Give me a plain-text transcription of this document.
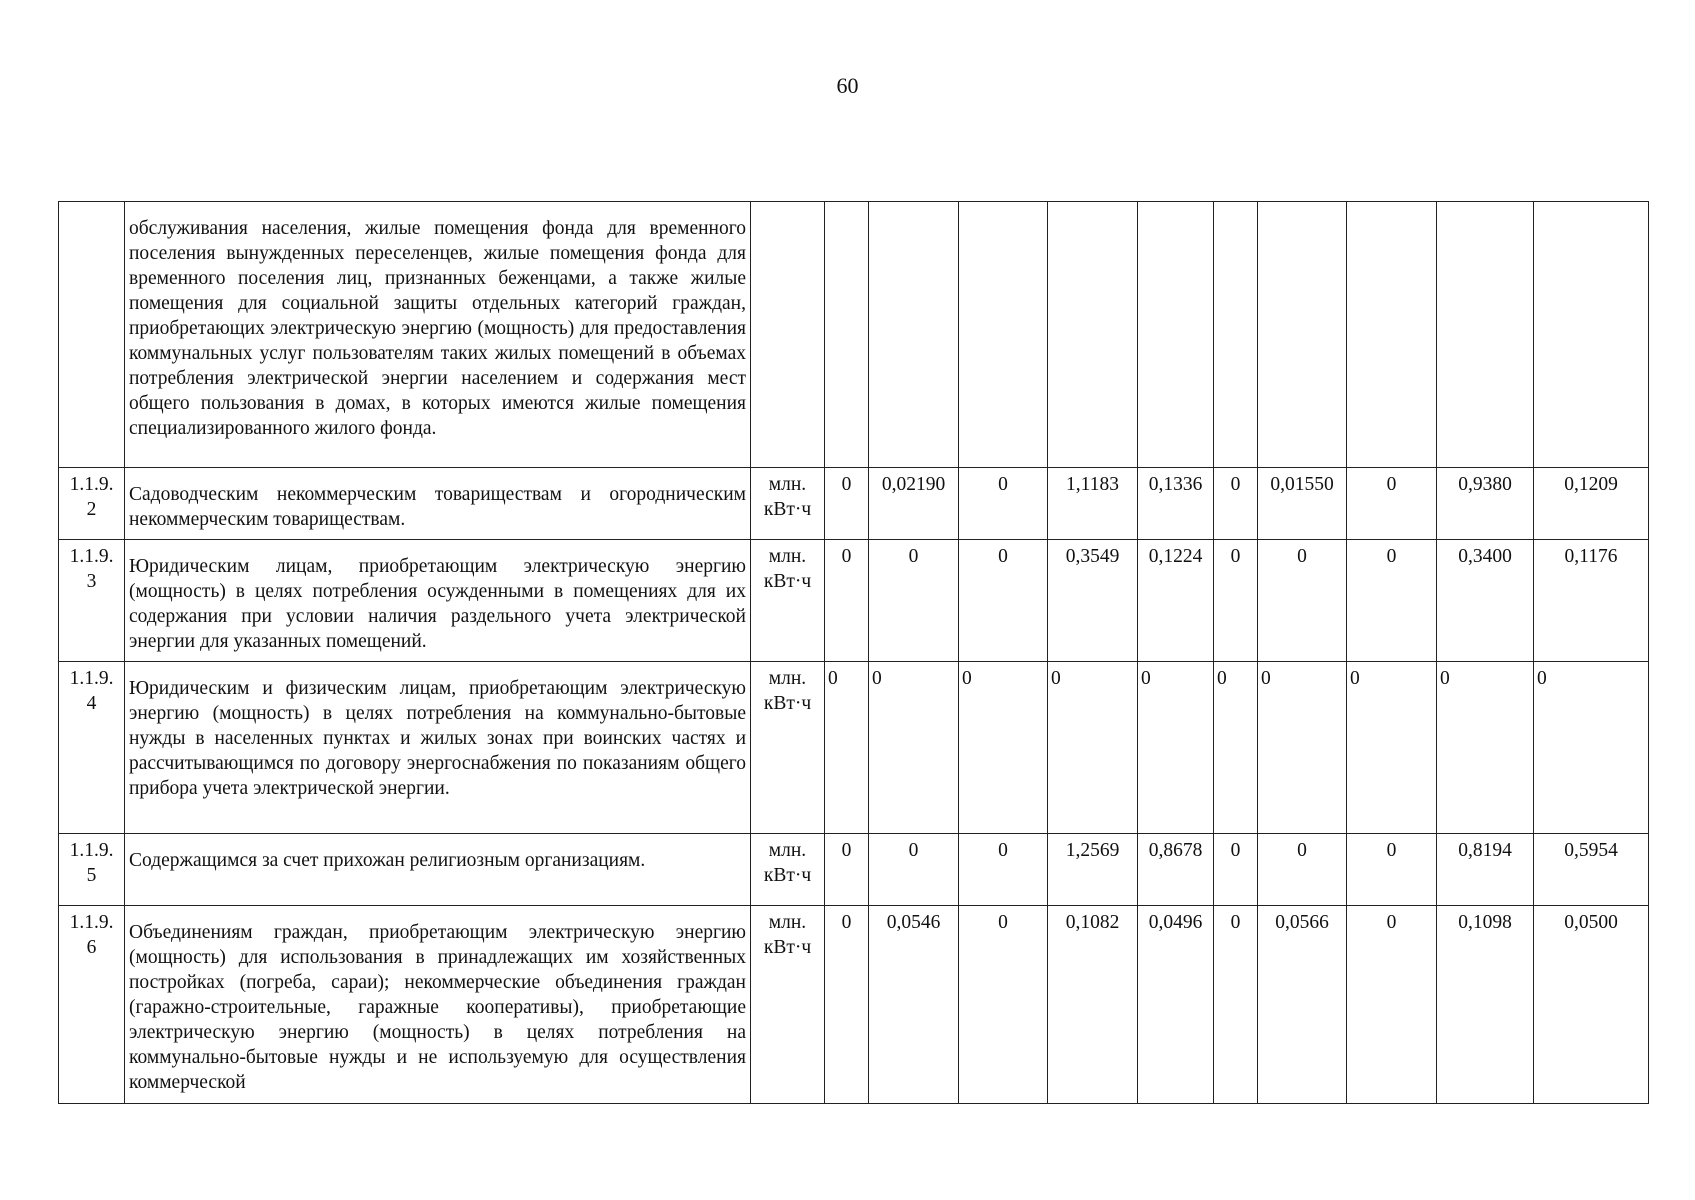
60
	обслуживания населения, жилые помещения фонда для временного поселения вынужденных переселенцев, жилые помещения фонда для временного поселения лиц, признанных беженцами, а также жилые помещения для социальной защиты отдельных категорий граждан, приобретающих электрическую энергию (мощность) для предоставления коммунальных услуг пользователям таких жилых помещений в объемах потребления электрической энергии населением и содержания мест общего пользования в домах, в которых имеются жилые помещения специализированного жилого фонда.											
1.1.9. 2	Садоводческим некоммерческим товариществам и огородническим некоммерческим товариществам.	млн. кВт·ч	0	0,02190	0	1,1183	0,1336	0	0,01550	0	0,9380	0,1209
1.1.9. 3	Юридическим лицам, приобретающим электрическую энергию (мощность) в целях потребления осужденными в помещениях для их содержания при условии наличия раздельного учета электрической энергии для указанных помещений.	млн. кВт·ч	0	0	0	0,3549	0,1224	0	0	0	0,3400	0,1176
1.1.9. 4	Юридическим и физическим лицам, приобретающим электрическую энергию (мощность) в целях потребления на коммунально-бытовые нужды в населенных пунктах и жилых зонах при воинских частях и рассчитывающимся по договору энергоснабжения по показаниям общего прибора учета электрической энергии.	млн. кВт·ч	0	0	0	0	0	0	0	0	0	0
1.1.9. 5	Содержащимся за счет прихожан религиозным организациям.	млн. кВт·ч	0	0	0	1,2569	0,8678	0	0	0	0,8194	0,5954
1.1.9. 6	Объединениям граждан, приобретающим электрическую энергию (мощность) для использования в принадлежащих им хозяйственных постройках (погреба, сараи); некоммерческие объединения граждан (гаражно-строительные, гаражные кооперативы), приобретающие электрическую энергию (мощность) в целях потребления на коммунально-бытовые нужды и не используемую для осуществления коммерческой	млн. кВт·ч	0	0,0546	0	0,1082	0,0496	0	0,0566	0	0,1098	0,0500
